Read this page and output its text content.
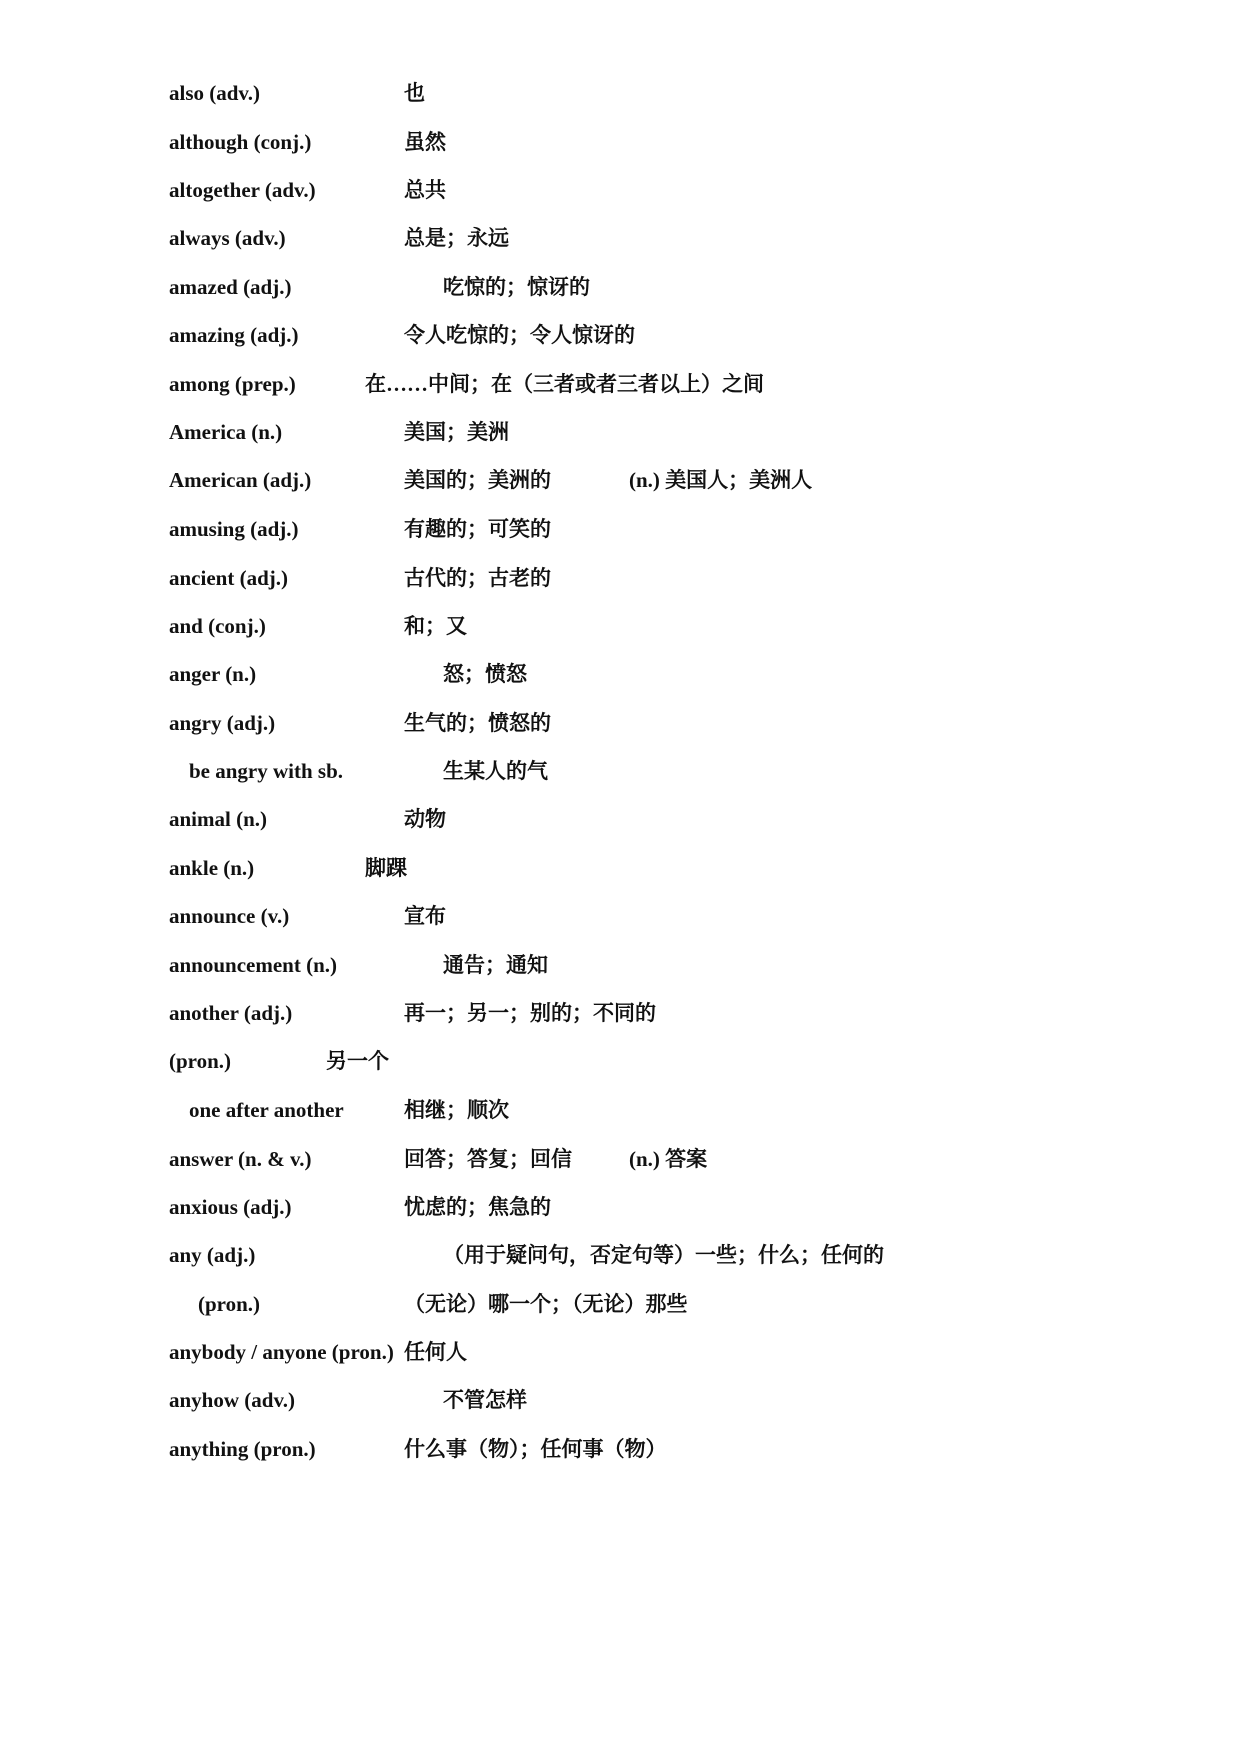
also (adv.)	也
although (conj.)	虽然
altogether (adv.)	总共
always (adv.)	总是；永远
amazed (adj.)	吃惊的；惊讶的
amazing (adj.)	令人吃惊的；令人惊讶的
among (prep.)	在……中间；在（三者或者三者以上）之间
America (n.)	美国；美洲
American (adj.)	美国的；美洲的	(n.) 美国人；美洲人
amusing (adj.)	有趣的；可笑的
ancient (adj.)	古代的；古老的
and (conj.)	和；又
anger (n.)	怒；愤怒
angry (adj.)	生气的；愤怒的
be angry with sb.	生某人的气
animal (n.)	动物
ankle (n.)	脚踝
announce (v.)	宣布
announcement (n.)	通告；通知
another (adj.)	再一；另一；别的；不同的
(pron.)	另一个
one after another	相继；顺次
answer (n. & v.)	回答；答复；回信	(n.) 答案
anxious (adj.)	忧虑的；焦急的
any (adj.)	（用于疑问句，否定句等）一些；什么；任何的
(pron.)	（无论）哪一个；（无论）那些
anybody / anyone (pron.) 任何人
anyhow (adv.)	不管怎样
anything (pron.)	什么事（物）；任何事（物）
